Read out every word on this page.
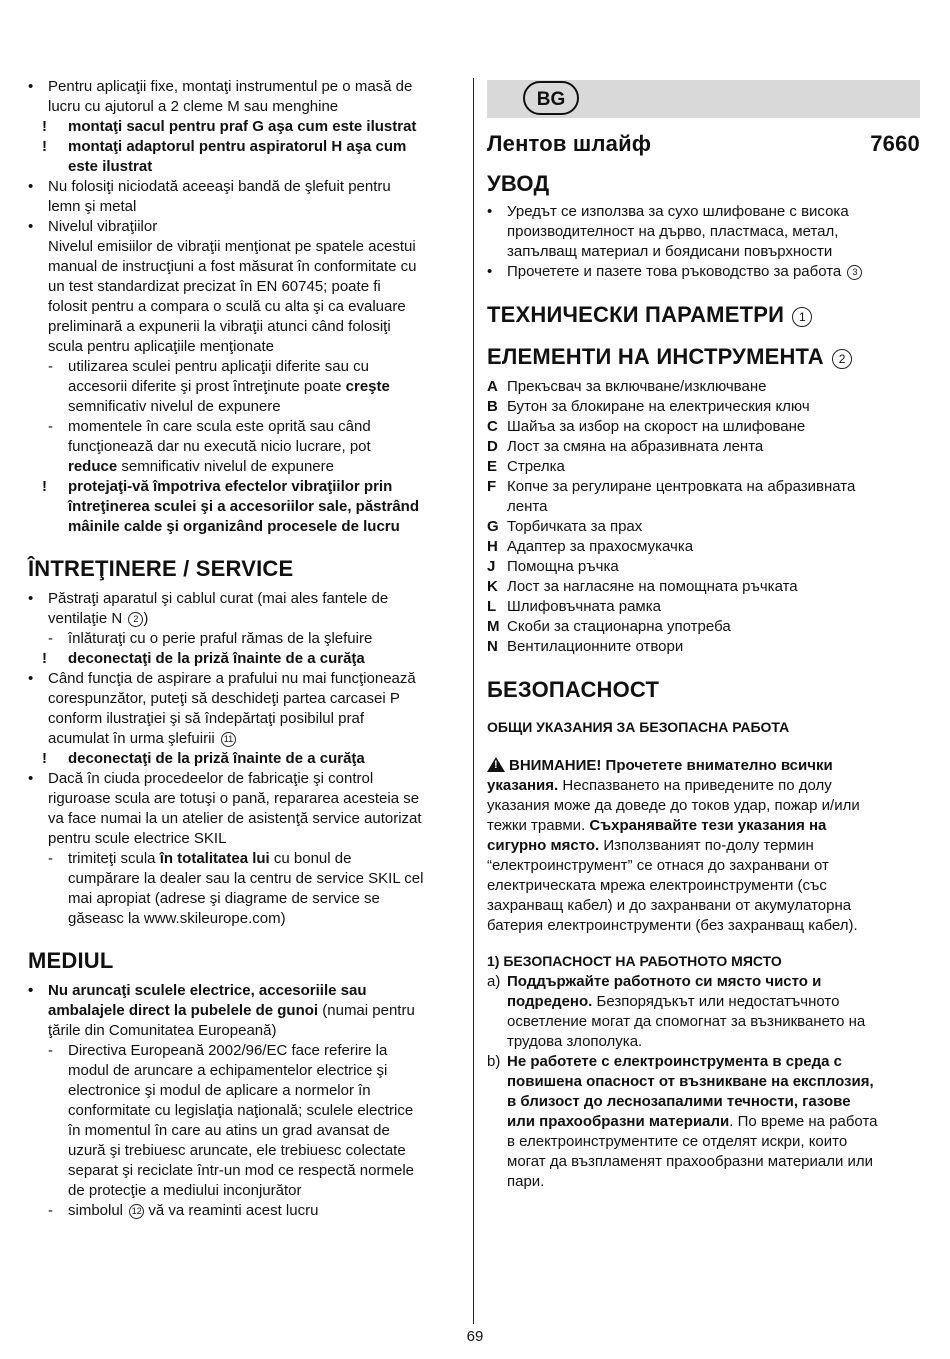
• Pentru aplicaţii fixe, montaţi instrumentul pe o masă de
lucru cu ajutorul a 2 cleme M sau menghine
! montaţi sacul pentru praf G aşa cum este ilustrat
! montaţi adaptorul pentru aspiratorul H aşa cum
este ilustrat
• Nu folosiţi niciodată aceeaşi bandă de şlefuit pentru
lemn şi metal
• Nivelul vibraţiilor
Nivelul emisiilor de vibraţii menţionat pe spatele acestui
manual de instrucţiuni a fost măsurat în conformitate cu
un test standardizat precizat în EN 60745; poate fi
folosit pentru a compara o sculă cu alta şi ca evaluare
preliminară a expunerii la vibraţii atunci când folosiţi
scula pentru aplicaţiile menţionate
- utilizarea sculei pentru aplicaţii diferite sau cu
accesorii diferite şi prost întreţinute poate creşte
semnificativ nivelul de expunere
- momentele în care scula este oprită sau când
funcţionează dar nu execută nicio lucrare, pot
reduce semnificativ nivelul de expunere
! protejaţi-vă împotriva efectelor vibraţiilor prin
întreţinerea sculei şi a accesoriilor sale, păstrând
mâinile calde şi organizând procesele de lucru
ÎNTREŢINERE / SERVICE
• Păstraţi aparatul şi cablul curat (mai ales fantele de
ventilaţie N 2 )
- înlăturaţi cu o perie praful rămas de la şlefuire
! deconectaţi de la priză înainte de a curăţa
• Când funcţia de aspirare a prafului nu mai funcţionează
corespunzător, puteţi să deschideţi partea carcasei P
conform ilustraţiei şi să îndepărtaţi posibilul praf
acumulat în urma şlefuirii 11
! deconectaţi de la priză înainte de a curăţa
• Dacă în ciuda procedeelor de fabricaţie şi control
riguroase scula are totuşi o pană, repararea acesteia se
va face numai la un atelier de asistenţă service autorizat
pentru scule electrice SKIL
- trimiteţi scula în totalitatea lui cu bonul de
cumpărare la dealer sau la centru de service SKIL cel
mai apropiat (adrese şi diagrame de service se
găseasc la www.skileurope.com)
MEDIUL
• Nu aruncaţi sculele electrice, accesoriile sau
ambalajele direct la pubelele de gunoi (numai pentru
ţările din Comunitatea Europeană)
- Directiva Europeană 2002/96/EC face referire la
modul de aruncare a echipamentelor electrice şi
electronice şi modul de aplicare a normelor în
conformitate cu legislaţia naţională; sculele electrice
în momentul în care au atins un grad avansat de
uzură şi trebiuesc aruncate, ele trebiuesc colectate
separat şi reciclate într-un mod ce respectă normele
de protecţie a mediului inconjurător
- simbolul 12 vă va reaminti acest lucru
BG
Лентов шлайф	7660
УВОД
• Уредът се използва за сухо шлифоване с висока
производителност на дърво, пластмаса, метал,
запълващ материал и боядисани повърхности
• Прочетете и пазете това ръководство за работа 3
ТЕХНИЧЕСКИ ПАРАМЕТРИ 1
ЕЛЕМЕНТИ НА ИНСТРУМЕНТА 2
A Прекъсвач за включване/изключване
B Бутон за блокиране на електрическия ключ
C Шайъа за избор на скорост на шлифоване
D Лост за смяна на абразивната лента
E Стрелка
F Копче за регулиране центровката на абразивната
лента
G Торбичката за прах
H Адаптер за прахосмукачка
J Помощна ръчка
K Лост за нагласяне на помощната ръчката
L Шлифовъчната рамка
M Скоби за стационарна употреба
N Вентилационните отвори
БЕЗОПАСНОСТ
ОБЩИ УКАЗАНИЯ ЗА БЕЗОПАСНА РАБОТА
!ВНИМАНИЕ! Прочетете внимателно всички
указания. Неспазването на приведените по долу
указания може да доведе до токов удар, пожар и/или
тежки травми. Съхранявайте тези указания на
сигурно място. Използваният по-долу термин
“електроинструмент” се отнася до захранвани от
електрическата мрежа електроинструменти (със
захранващ кабел) и до захранвани от акумулаторна
батерия електроинструменти (без захранващ кабел).
1) БЕЗОПАСНОСТ НА РАБОТНОТО МЯСТО
a) Поддържайте работното си място чисто и
подредено. Безпорядъкът или недостатъчното
осветление могат да спомогнат за възникването на
трудова злополука.
b) Не работете с електроинструмента в среда с
повишена опасност от възникване на експлозия,
в близост до леснозапалими течности, газове
или прахообразни материали. По време на работа
в електроинструментите се отделят искри, които
могат да възпламенят прахообразни материали или
пари.
69
